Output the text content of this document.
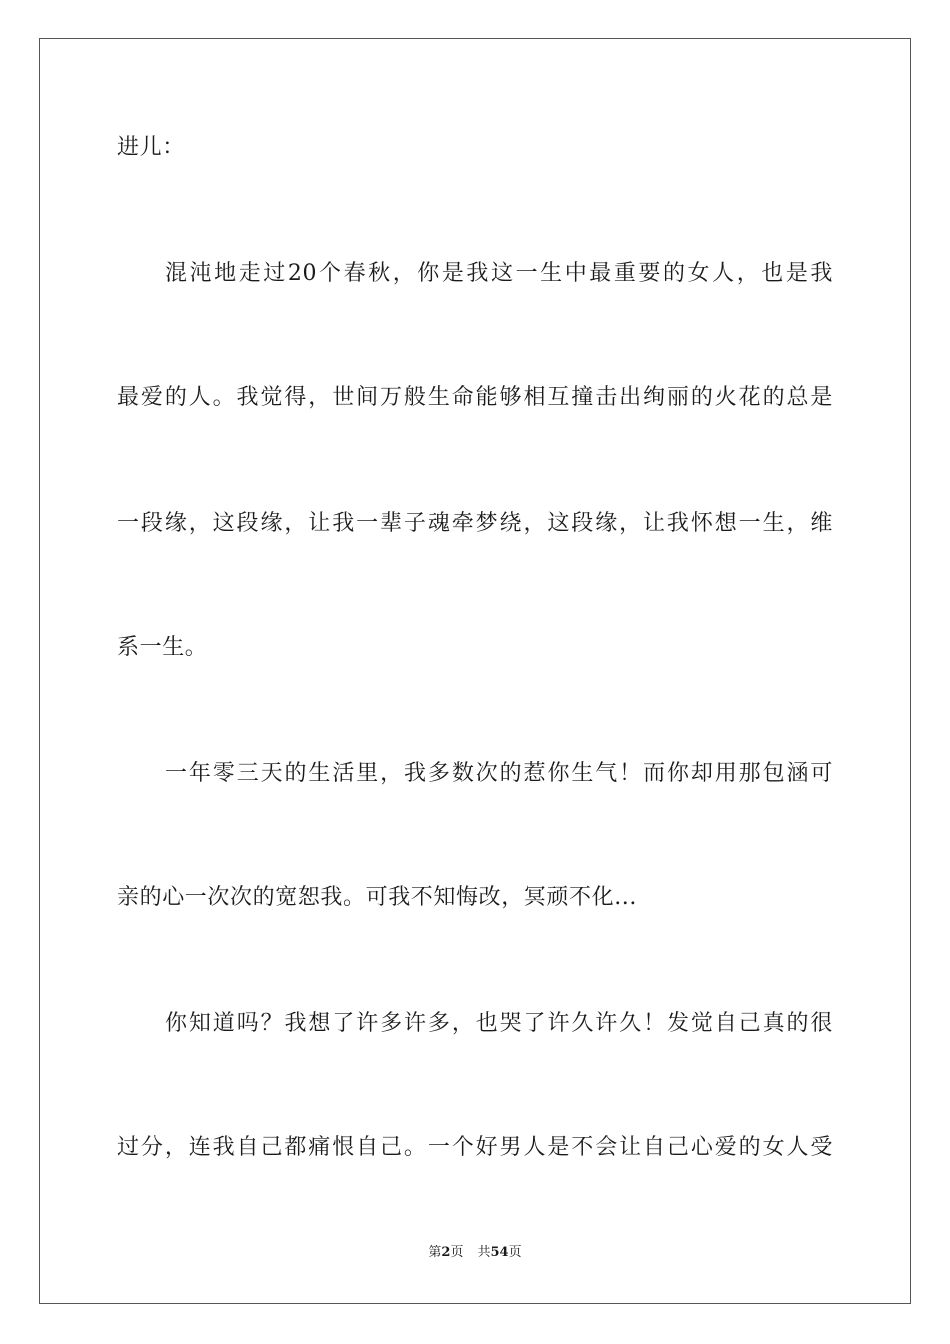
进儿：
混沌地走过20个春秋，你是我这一生中最重要的女人，也是我
最爱的人。我觉得，世间万般生命能够相互撞击出绚丽的火花的总是
一段缘，这段缘，让我一辈子魂牵梦绕，这段缘，让我怀想一生，维
系一生。
一年零三天的生活里，我多数次的惹你生气！而你却用那包涵可
亲的心一次次的宽恕我。可我不知悔改，冥顽不化...
你知道吗？我想了许多许多，也哭了许久许久！发觉自己真的很
过分，连我自己都痛恨自己。一个好男人是不会让自己心爱的女人受
第2页 共54页
